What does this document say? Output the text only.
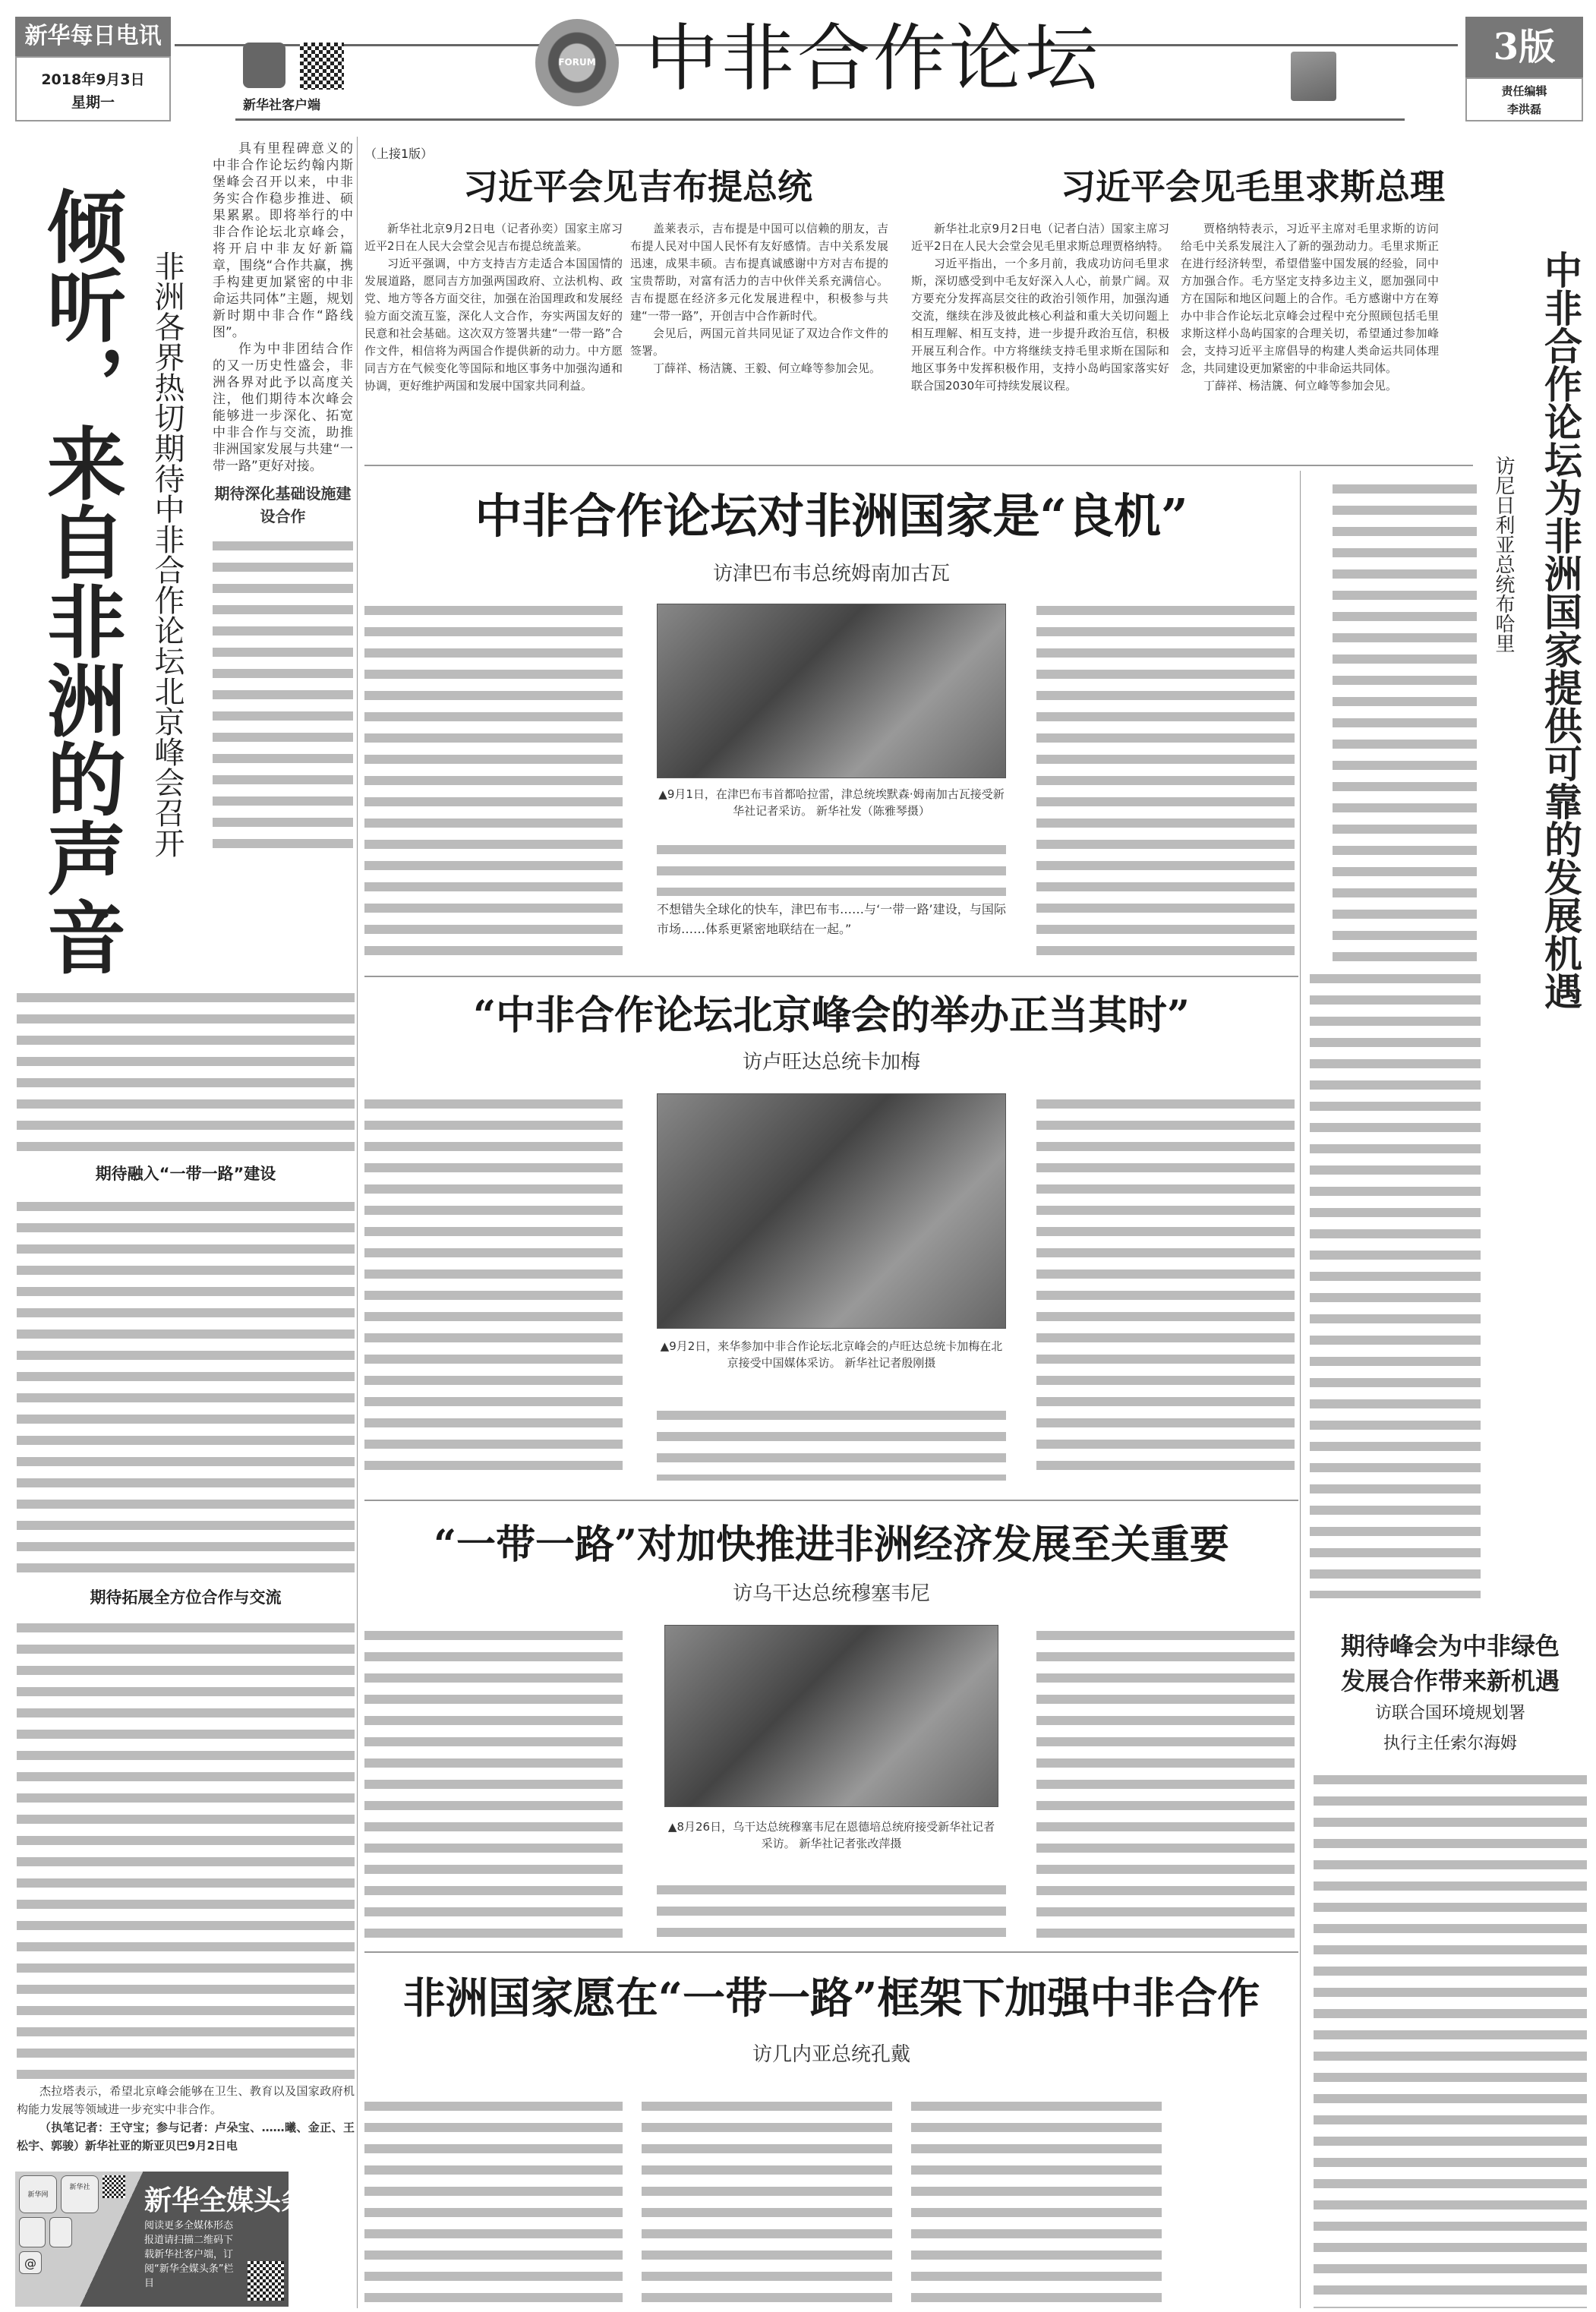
新华每日电讯
2018年9月3日
星期一	新华社客户端
FORUM 中非合作论坛	3版
责任编辑
李洪磊
倾听，来自非洲的声音 非洲各界热切期待中非合作论坛北京峰会召开

具有里程碑意义的中非合作论坛约翰内斯堡峰会召开以来，中非务实合作稳步推进、硕果累累。即将举行的中非合作论坛北京峰会，将开启中非友好新篇章，围绕“合作共赢，携手构建更加紧密的中非命运共同体”主题，规划新时期中非合作“路线图”。

作为中非团结合作的又一历史性盛会，非洲各界对此予以高度关注，他们期待本次峰会能够进一步深化、拓宽中非合作与交流，助推非洲国家发展与共建“一带一路”更好对接。

期待深化基础设施建设合作
期待融入“一带一路”建设
期待拓展全方位合作与交流

杰拉塔表示，希望北京峰会能够在卫生、教育以及国家政府机构能力发展等领域进一步充实中非合作。

（执笔记者：王守宝；参与记者：卢朵宝、……曦、金正、王松宇、郭骏）新华社亚的斯亚贝巴9月2日电

新华网
新华社
@
新华全媒头条
阅读更多全媒体形态报道请扫描二维码下载新华社客户端，订阅“新华全媒头条”栏目
（上接1版）
习近平会见吉布提总统

新华社北京9月2日电（记者孙奕）国家主席习近平2日在人民大会堂会见吉布提总统盖莱。

习近平强调，中方支持吉方走适合本国国情的发展道路，愿同吉方加强两国政府、立法机构、政党、地方等各方面交往，加强在治国理政和发展经验方面交流互鉴，深化人文合作，夯实两国友好的民意和社会基础。这次双方签署共建“一带一路”合作文件，相信将为两国合作提供新的动力。中方愿同吉方在气候变化等国际和地区事务中加强沟通和协调，更好维护两国和发展中国家共同利益。

盖莱表示，吉布提是中国可以信赖的朋友，吉布提人民对中国人民怀有友好感情。吉中关系发展迅速，成果丰硕。吉布提真诚感谢中方对吉布提的宝贵帮助，对富有活力的吉中伙伴关系充满信心。吉布提愿在经济多元化发展进程中，积极参与共建“一带一路”，开创吉中合作新时代。

会见后，两国元首共同见证了双边合作文件的签署。

丁薛祥、杨洁篪、王毅、何立峰等参加会见。

习近平会见毛里求斯总理

新华社北京9月2日电（记者白洁）国家主席习近平2日在人民大会堂会见毛里求斯总理贾格纳特。

习近平指出，一个多月前，我成功访问毛里求斯，深切感受到中毛友好深入人心，前景广阔。双方要充分发挥高层交往的政治引领作用，加强沟通交流，继续在涉及彼此核心利益和重大关切问题上相互理解、相互支持，进一步提升政治互信，积极开展互利合作。中方将继续支持毛里求斯在国际和地区事务中发挥积极作用，支持小岛屿国家落实好联合国2030年可持续发展议程。

贾格纳特表示，习近平主席对毛里求斯的访问给毛中关系发展注入了新的强劲动力。毛里求斯正在进行经济转型，希望借鉴中国发展的经验，同中方加强合作。毛方坚定支持多边主义，愿加强同中方在国际和地区问题上的合作。毛方感谢中方在筹办中非合作论坛北京峰会过程中充分照顾包括毛里求斯这样小岛屿国家的合理关切，希望通过参加峰会，支持习近平主席倡导的构建人类命运共同体理念，共同建设更加紧密的中非命运共同体。

丁薛祥、杨洁篪、何立峰等参加会见。

中非合作论坛对非洲国家是“良机”
访津巴布韦总统姆南加古瓦
▲9月1日，在津巴布韦首都哈拉雷，津总统埃默森·姆南加古瓦接受新华社记者采访。 新华社发（陈雅琴摄）
不想错失全球化的快车，津巴布韦……与‘一带一路’建设，与国际市场……体系更紧密地联结在一起。”
“中非合作论坛北京峰会的举办正当其时”
访卢旺达总统卡加梅
▲9月2日，来华参加中非合作论坛北京峰会的卢旺达总统卡加梅在北京接受中国媒体采访。 新华社记者殷刚摄
“一带一路”对加快推进非洲经济发展至关重要
访乌干达总统穆塞韦尼
▲8月26日，乌干达总统穆塞韦尼在恩德培总统府接受新华社记者采访。 新华社记者张改萍摄
非洲国家愿在“一带一路”框架下加强中非合作
访几内亚总统孔戴
中非合作论坛为非洲国家提供可靠的发展机遇
访尼日利亚总统布哈里
期待峰会为中非绿色
发展合作带来新机遇
访联合国环境规划署
执行主任索尔海姆
